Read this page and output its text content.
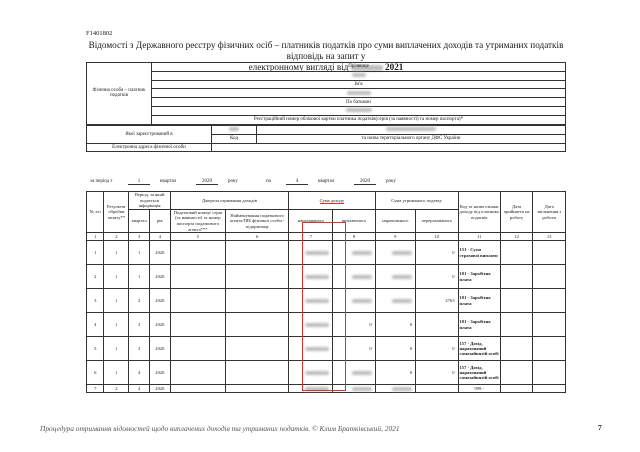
F1401802
Відомості з Державного реєстру фізичних осіб – платників податків про суми виплачених доходів та утриманих податків відповідь на запит у
електронному вигляді від	2021
Фізична особа – платник податків	Прізвище

Ім'я

По батькові

Реєстраційний номер облікової картки платника податків(серія (за наявності) та номер паспорта)*
Якої зареєстрований в		
	Код	та назва територіального органу ДФС України
Електронна адреса фізичної особи		
за період з	1	квартал	2020	року	по	4	квартал	2020	року
№ з/п	Результат обробки запиту**	Період, за який подається інформація		Джерела отримання доходів		Сума доходу		Сума утриманого податку		Код та назва ознаки доходу від платника податків	Дата прийняття на роботу	Дата звільнення з роботи
		квартал	рік	Податковий номер/ серія (за наявності) та номер паспорта податкового агента***	Найменування податкового агента/ПІБ фізичної особи - підприємця	нарахованого	виплаченого	нарахованого	перерахованого			

1	2	3	4	5	6	7	8	9	10	11	12	13
1	1	1	2020						0	151 - Сума страхової виплати		
2	1	1	2020						0	101 - Заробітна плата		
3	1	2	2020						2763	101 - Заробітна плата		
4	1	3	2020				0	0		101 - Заробітна плата		
5	1	3	2020				0	0	0	157 - Дохід, нарахований самозайнятій особі		
6	1	4	2020					0	0	157 - Дохід, нарахований самозайнятій особі		
7	2	4	2020							999 -		
Процедура отримання відомостей щодо виплачених доходів та утриманих податків. © Клим Братківський, 2021	7
